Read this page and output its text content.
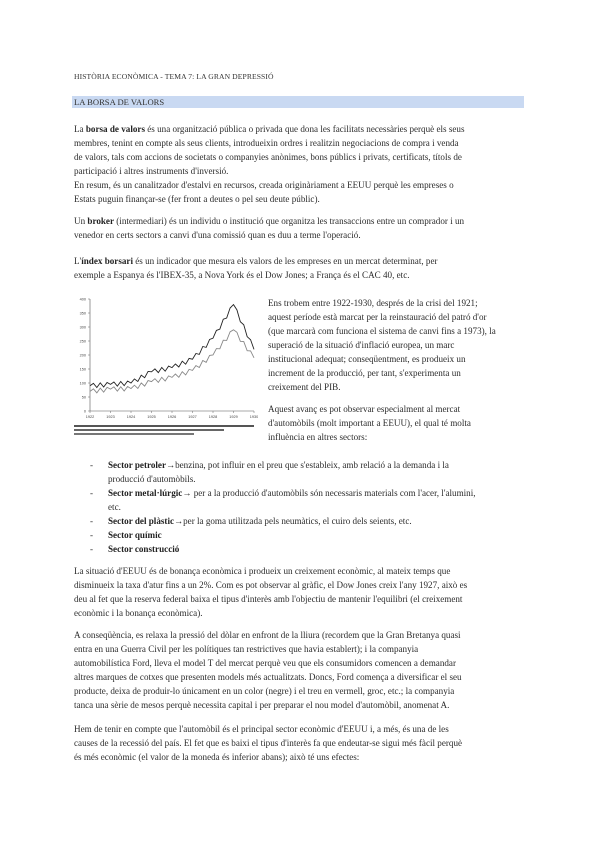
HISTÒRIA ECONÒMICA - TEMA 7: LA GRAN DEPRESSIÓ
LA BORSA DE VALORS
La borsa de valors és una organització pública o privada que dona les facilitats necessàries perquè els seus
membres, tenint en compte als seus clients, introdueixin ordres i realitzin negociacions de compra i venda
de valors, tals com accions de societats o companyies anònimes, bons públics i privats, certificats, títols de
participació i altres instruments d'inversió.
En resum, és un canalitzador d'estalvi en recursos, creada originàriament a EEUU perquè les empreses o
Estats puguin finançar-se (fer front a deutes o pel seu deute públic).
Un broker (intermediari) és un individu o institució que organitza les transaccions entre un comprador i un
venedor en certs sectors a canvi d'una comissió quan es duu a terme l'operació.
L'índex borsari és un indicador que mesura els valors de les empreses en un mercat determinat, per
exemple a Espanya és l'IBEX-35, a Nova York és el Dow Jones; a França és el CAC 40, etc.
0
50
100
150
200
250
300
350
400
1922	1923	1924	1925	1926	1927	1928	1929	1930
Ens trobem entre 1922-1930, després de la crisi del 1921;
aquest període està marcat per la reinstauració del patró d'or
(que marcarà com funciona el sistema de canvi fins a 1973), la
superació de la situació d'inflació europea, un marc
institucional adequat; conseqüentment, es produeix un
increment de la producció, per tant, s'experimenta un
creixement del PIB.
Aquest avanç es pot observar especialment al mercat
d'automòbils (molt important a EEUU), el qual té molta
influència en altres sectors:
- Sector petroler→benzina, pot influir en el preu que s'estableix, amb relació a la demanda i la
producció d'automòbils.
- Sector metal·lúrgic→ per a la producció d'automòbils són necessaris materials com l'acer, l'alumini,
etc.
- Sector del plàstic→per la goma utilitzada pels neumàtics, el cuiro dels seients, etc.
- Sector químic
- Sector construcció
La situació d'EEUU és de bonança econòmica i produeix un creixement econòmic, al mateix temps que
disminueix la taxa d'atur fins a un 2%. Com es pot observar al gràfic, el Dow Jones creix l'any 1927, això es
deu al fet que la reserva federal baixa el tipus d'interès amb l'objectiu de mantenir l'equilibri (el creixement
econòmic i la bonança econòmica).
A conseqüència, es relaxa la pressió del dòlar en enfront de la lliura (recordem que la Gran Bretanya quasi
entra en una Guerra Civil per les polítiques tan restrictives que havia establert); i la companyia
automobilística Ford, lleva el model T del mercat perquè veu que els consumidors comencen a demandar
altres marques de cotxes que presenten models més actualitzats. Doncs, Ford comença a diversificar el seu
producte, deixa de produir-lo únicament en un color (negre) i el treu en vermell, groc, etc.; la companyia
tanca una sèrie de mesos perquè necessita capital i per preparar el nou model d'automòbil, anomenat A.
Hem de tenir en compte que l'automòbil és el principal sector econòmic d'EEUU i, a més, és una de les
causes de la recessió del país. El fet que es baixi el tipus d'interès fa que endeutar-se sigui més fàcil perquè
és més econòmic (el valor de la moneda és inferior abans); això té uns efectes:
